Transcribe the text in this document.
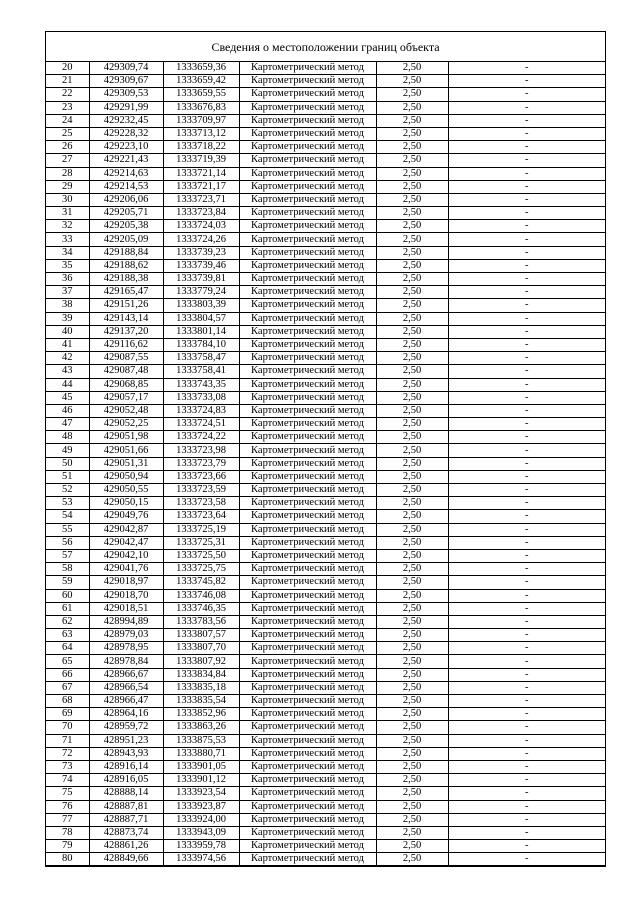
Сведения о местоположении границ объекта
20	429309,74	1333659,36	Картометрический метод	2,50	-
21	429309,67	1333659,42	Картометрический метод	2,50	-
22	429309,53	1333659,55	Картометрический метод	2,50	-
23	429291,99	1333676,83	Картометрический метод	2,50	-
24	429232,45	1333709,97	Картометрический метод	2,50	-
25	429228,32	1333713,12	Картометрический метод	2,50	-
26	429223,10	1333718,22	Картометрический метод	2,50	-
27	429221,43	1333719,39	Картометрический метод	2,50	-
28	429214,63	1333721,14	Картометрический метод	2,50	-
29	429214,53	1333721,17	Картометрический метод	2,50	-
30	429206,06	1333723,71	Картометрический метод	2,50	-
31	429205,71	1333723,84	Картометрический метод	2,50	-
32	429205,38	1333724,03	Картометрический метод	2,50	-
33	429205,09	1333724,26	Картометрический метод	2,50	-
34	429188,84	1333739,23	Картометрический метод	2,50	-
35	429188,62	1333739,46	Картометрический метод	2,50	-
36	429188,38	1333739,81	Картометрический метод	2,50	-
37	429165,47	1333779,24	Картометрический метод	2,50	-
38	429151,26	1333803,39	Картометрический метод	2,50	-
39	429143,14	1333804,57	Картометрический метод	2,50	-
40	429137,20	1333801,14	Картометрический метод	2,50	-
41	429116,62	1333784,10	Картометрический метод	2,50	-
42	429087,55	1333758,47	Картометрический метод	2,50	-
43	429087,48	1333758,41	Картометрический метод	2,50	-
44	429068,85	1333743,35	Картометрический метод	2,50	-
45	429057,17	1333733,08	Картометрический метод	2,50	-
46	429052,48	1333724,83	Картометрический метод	2,50	-
47	429052,25	1333724,51	Картометрический метод	2,50	-
48	429051,98	1333724,22	Картометрический метод	2,50	-
49	429051,66	1333723,98	Картометрический метод	2,50	-
50	429051,31	1333723,79	Картометрический метод	2,50	-
51	429050,94	1333723,66	Картометрический метод	2,50	-
52	429050,55	1333723,59	Картометрический метод	2,50	-
53	429050,15	1333723,58	Картометрический метод	2,50	-
54	429049,76	1333723,64	Картометрический метод	2,50	-
55	429042,87	1333725,19	Картометрический метод	2,50	-
56	429042,47	1333725,31	Картометрический метод	2,50	-
57	429042,10	1333725,50	Картометрический метод	2,50	-
58	429041,76	1333725,75	Картометрический метод	2,50	-
59	429018,97	1333745,82	Картометрический метод	2,50	-
60	429018,70	1333746,08	Картометрический метод	2,50	-
61	429018,51	1333746,35	Картометрический метод	2,50	-
62	428994,89	1333783,56	Картометрический метод	2,50	-
63	428979,03	1333807,57	Картометрический метод	2,50	-
64	428978,95	1333807,70	Картометрический метод	2,50	-
65	428978,84	1333807,92	Картометрический метод	2,50	-
66	428966,67	1333834,84	Картометрический метод	2,50	-
67	428966,54	1333835,18	Картометрический метод	2,50	-
68	428966,47	1333835,54	Картометрический метод	2,50	-
69	428964,16	1333852,96	Картометрический метод	2,50	-
70	428959,72	1333863,26	Картометрический метод	2,50	-
71	428951,23	1333875,53	Картометрический метод	2,50	-
72	428943,93	1333880,71	Картометрический метод	2,50	-
73	428916,14	1333901,05	Картометрический метод	2,50	-
74	428916,05	1333901,12	Картометрический метод	2,50	-
75	428888,14	1333923,54	Картометрический метод	2,50	-
76	428887,81	1333923,87	Картометрический метод	2,50	-
77	428887,71	1333924,00	Картометрический метод	2,50	-
78	428873,74	1333943,09	Картометрический метод	2,50	-
79	428861,26	1333959,78	Картометрический метод	2,50	-
80	428849,66	1333974,56	Картометрический метод	2,50	-
